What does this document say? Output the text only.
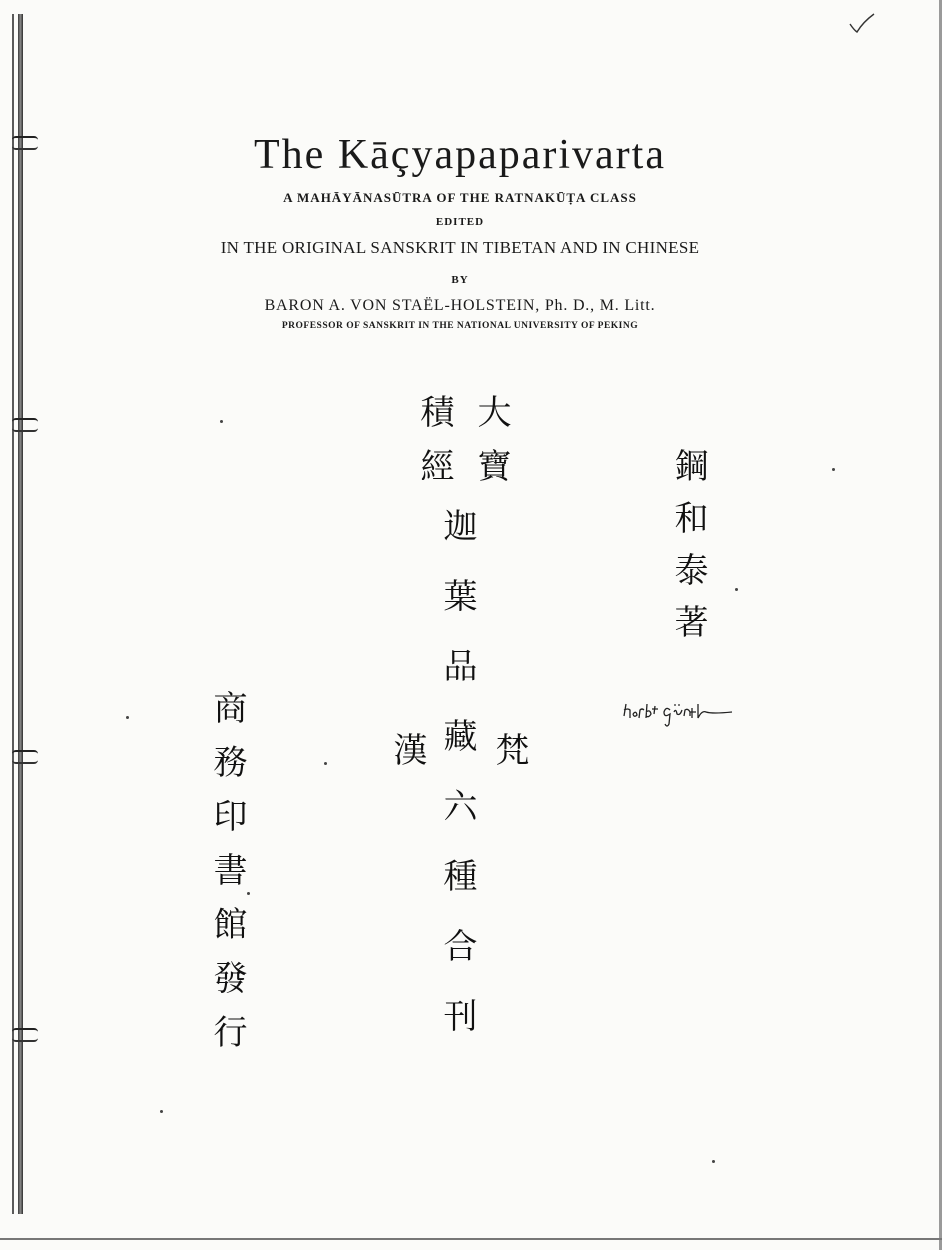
The Kāçyapaparivarta

A MAHĀYĀNASŪTRA OF THE RATNAKŪṬA CLASS

EDITED

IN THE ORIGINAL SANSKRIT IN TIBETAN AND IN CHINESE

BY

BARON A. VON STAËL-HOLSTEIN, Ph. D., M. Litt.

PROFESSOR OF SANSKRIT IN THE NATIONAL UNIVERSITY OF PEKING

大寶
積經
迦葉品藏六種合刊 梵
漢
鋼和泰著
商務印書館發行
